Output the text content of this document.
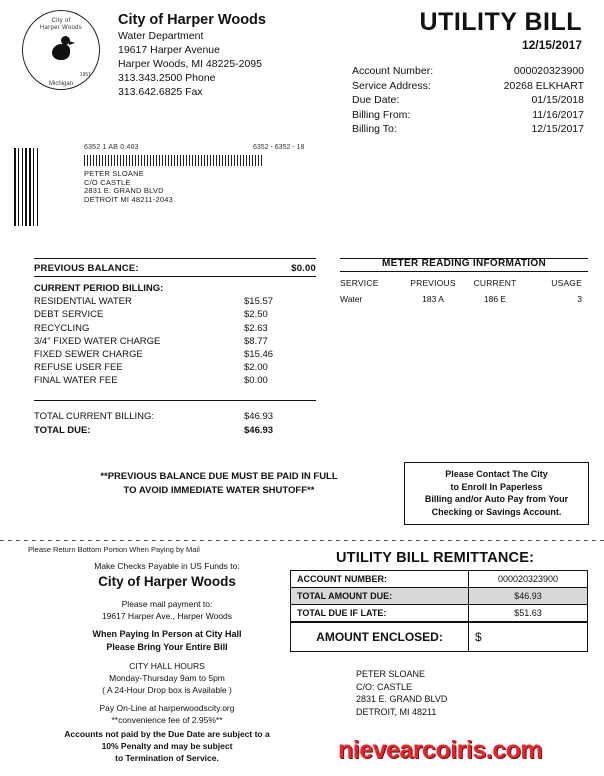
City of
Harper Woods
1951
Michigan
City of Harper Woods
Water Department
19617 Harper Avenue
Harper Woods, MI 48225-2095
313.343.2500 Phone
313.642.6825 Fax
UTILITY BILL
12/15/2017
Account Number:	000020323900
Service Address:	20268 ELKHART
Due Date:	01/15/2018
Billing From:	11/16/2017
Billing To:	12/15/2017
6352 1 AB 0.403	6352 - 6352 - 18
PETER SLOANE
C/O CASTLE
2831 E. GRAND BLVD
DETROIT MI 48211-2043
PREVIOUS BALANCE:	$0.00
CURRENT PERIOD BILLING:
RESIDENTIAL WATER	$15.57
DEBT SERVICE	$2.50
RECYCLING	$2.63
3/4" FIXED WATER CHARGE	$8.77
FIXED SEWER CHARGE	$15.46
REFUSE USER FEE	$2.00
FINAL WATER FEE	$0.00
TOTAL CURRENT BILLING:	$46.93
TOTAL DUE:	$46.93
METER READING INFORMATION
SERVICE	PREVIOUS	CURRENT	USAGE
Water	183 A	186 E	3
**PREVIOUS BALANCE DUE MUST BE PAID IN FULL
TO AVOID IMMEDIATE WATER SHUTOFF**
Please Contact The City
to Enroll In Paperless
Billing and/or Auto Pay from Your
Checking or Savings Account.
Please Return Bottom Portion When Paying by Mail
Make Checks Payable in US Funds to:
City of Harper Woods
Please mail payment to:
19617 Harper Ave., Harper Woods
When Paying In Person at City Hall
Please Bring Your Entire Bill
CITY HALL HOURS
Monday-Thursday 9am to 5pm
( A 24-Hour Drop box is Available )
Pay On-Line at harperwoodscity.org
**convenience fee of 2.95%**
UTILITY BILL REMITTANCE:
ACCOUNT NUMBER:	000020323900
TOTAL AMOUNT DUE:	$46.93
TOTAL DUE IF LATE:	$51.63
AMOUNT ENCLOSED:	$
PETER SLOANE
C/O: CASTLE
2831 E. GRAND BLVD
DETROIT, MI 48211
Accounts not paid by the Due Date are subject to a
10% Penalty and may be subject
to Termination of Service.	nievearcoiris.com
